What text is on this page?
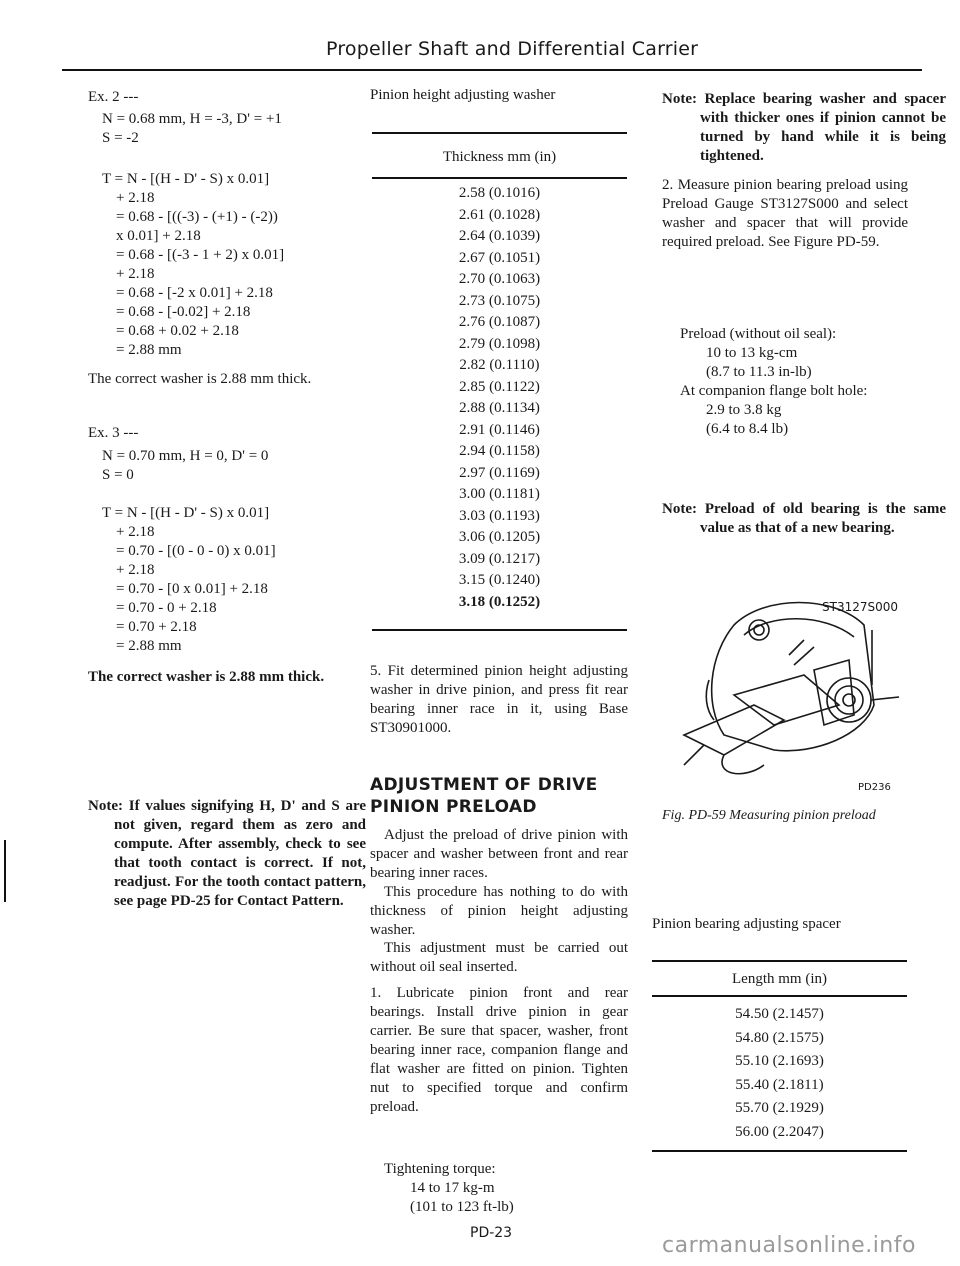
Propeller Shaft and Differential Carrier
Ex. 2 ---
N = 0.68 mm, H = -3, D' = +1
S = -2
T = N - [(H - D' - S) x 0.01]
+ 2.18
= 0.68 - [((-3) - (+1) - (-2))
x 0.01] + 2.18
= 0.68 - [(-3 - 1 + 2) x 0.01]
+ 2.18
= 0.68 - [-2 x 0.01] + 2.18
= 0.68 - [-0.02] + 2.18
= 0.68 + 0.02 + 2.18
= 2.88 mm
The correct washer is 2.88 mm thick.
Ex. 3 ---
N = 0.70 mm, H = 0, D' = 0
S = 0
T = N - [(H - D' - S) x 0.01]
+ 2.18
= 0.70 - [(0 - 0 - 0) x 0.01]
+ 2.18
= 0.70 - [0 x 0.01] + 2.18
= 0.70 - 0 + 2.18
= 0.70 + 2.18
= 2.88 mm
The correct washer is 2.88 mm thick.
Note: If values signifying H, D' and S are not given, regard them as zero and compute. After assembly, check to see that tooth contact is correct. If not, readjust. For the tooth contact pattern, see page PD-25 for Contact Pattern.
Pinion height adjusting washer
Thickness mm (in)
2.58 (0.1016)
2.61 (0.1028)
2.64 (0.1039)
2.67 (0.1051)
2.70 (0.1063)
2.73 (0.1075)
2.76 (0.1087)
2.79 (0.1098)
2.82 (0.1110)
2.85 (0.1122)
2.88 (0.1134)
2.91 (0.1146)
2.94 (0.1158)
2.97 (0.1169)
3.00 (0.1181)
3.03 (0.1193)
3.06 (0.1205)
3.09 (0.1217)
3.15 (0.1240)
3.18 (0.1252)
5. Fit determined pinion height adjusting washer in drive pinion, and press fit rear bearing inner race in it, using Base ST30901000.
ADJUSTMENT OF DRIVE
PINION PRELOAD
Adjust the preload of drive pinion with spacer and washer between front and rear bearing inner races.
This procedure has nothing to do with thickness of pinion height adjusting washer.
This adjustment must be carried out without oil seal inserted.
1. Lubricate pinion front and rear bearings. Install drive pinion in gear carrier. Be sure that spacer, washer, front bearing inner race, companion flange and flat washer are fitted on pinion. Tighten nut to specified torque and confirm preload.
Tightening torque:
14 to 17 kg-m
(101 to 123 ft-lb)
PD-23
Note: Replace bearing washer and spacer with thicker ones if pinion cannot be turned by hand while it is being tightened.
2. Measure pinion bearing preload using Preload Gauge ST3127S000 and select washer and spacer that will provide required preload. See Figure PD-59.
Preload (without oil seal):
10 to 13 kg-cm
(8.7 to 11.3 in-lb)
At companion flange bolt hole:
2.9 to 3.8 kg
(6.4 to 8.4 lb)
Note: Preload of old bearing is the same value as that of a new bearing.
ST3127S000
PD236
Fig. PD-59 Measuring pinion preload
Pinion bearing adjusting spacer
Length mm (in)
54.50 (2.1457)
54.80 (2.1575)
55.10 (2.1693)
55.40 (2.1811)
55.70 (2.1929)
56.00 (2.2047)
carmanualsonline.info
